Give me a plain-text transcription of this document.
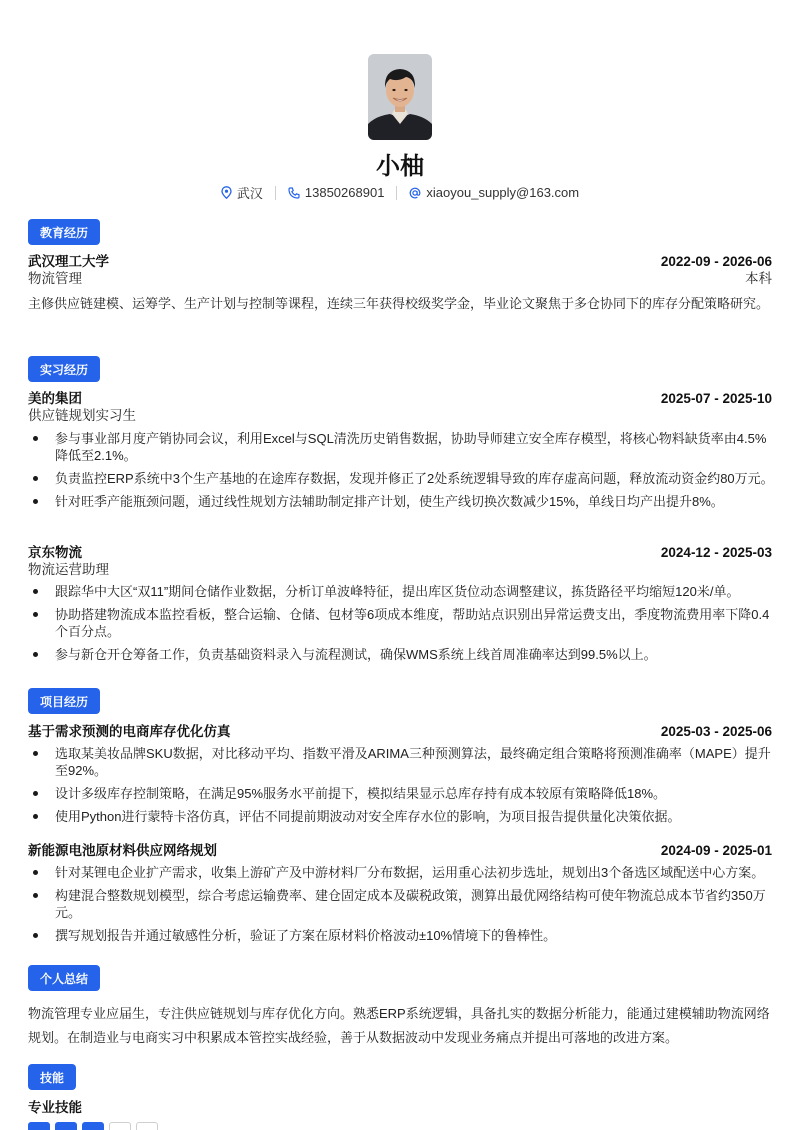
小柚
武汉	13850268901	xiaoyou_supply@163.com
教育经历
武汉理工大学	2022-09 - 2026-06
物流管理	本科
主修供应链建模、运筹学、生产计划与控制等课程，连续三年获得校级奖学金，毕业论文聚焦于多仓协同下的库存分配策略研究。
实习经历
美的集团	2025-07 - 2025-10
供应链规划实习生
参与事业部月度产销协同会议，利用Excel与SQL清洗历史销售数据，协助导师建立安全库存模型，将核心物料缺货率由4.5%降低至2.1%。
负责监控ERP系统中3个生产基地的在途库存数据，发现并修正了2处系统逻辑导致的库存虚高问题，释放流动资金约80万元。
针对旺季产能瓶颈问题，通过线性规划方法辅助制定排产计划，使生产线切换次数减少15%，单线日均产出提升8%。
京东物流	2024-12 - 2025-03
物流运营助理
跟踪华中大区“双11”期间仓储作业数据，分析订单波峰特征，提出库区货位动态调整建议，拣货路径平均缩短120米/单。
协助搭建物流成本监控看板，整合运输、仓储、包材等6项成本维度，帮助站点识别出异常运费支出，季度物流费用率下降0.4个百分点。
参与新仓开仓筹备工作，负责基础资料录入与流程测试，确保WMS系统上线首周准确率达到99.5%以上。
项目经历
基于需求预测的电商库存优化仿真	2025-03 - 2025-06
选取某美妆品牌SKU数据，对比移动平均、指数平滑及ARIMA三种预测算法，最终确定组合策略将预测准确率（MAPE）提升至92%。
设计多级库存控制策略，在满足95%服务水平前提下，模拟结果显示总库存持有成本较原有策略降低18%。
使用Python进行蒙特卡洛仿真，评估不同提前期波动对安全库存水位的影响，为项目报告提供量化决策依据。
新能源电池原材料供应网络规划	2024-09 - 2025-01
针对某锂电企业扩产需求，收集上游矿产及中游材料厂分布数据，运用重心法初步选址，规划出3个备选区域配送中心方案。
构建混合整数规划模型，综合考虑运输费率、建仓固定成本及碳税政策，测算出最优网络结构可使年物流总成本节省约350万元。
撰写规划报告并通过敏感性分析，验证了方案在原材料价格波动±10%情境下的鲁棒性。
个人总结
物流管理专业应届生，专注供应链规划与库存优化方向。熟悉ERP系统逻辑，具备扎实的数据分析能力，能通过建模辅助物流网络规划。在制造业与电商实习中积累成本管控实战经验，善于从数据波动中发现业务痛点并提出可落地的改进方案。
技能
专业技能
